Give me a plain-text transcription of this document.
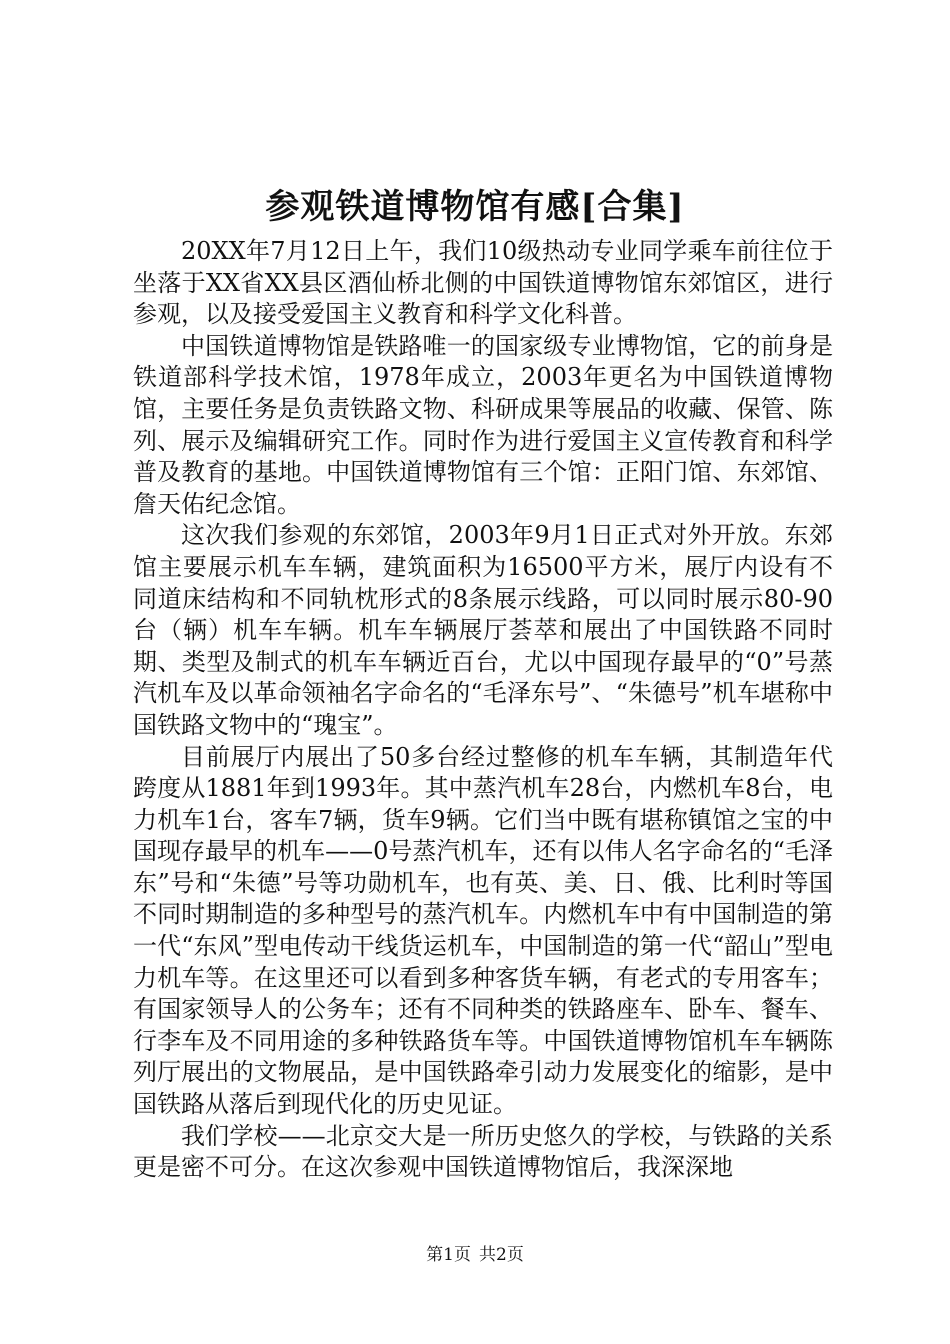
参观铁道博物馆有感[合集]

20XX年7月12日上午，我们10级热动专业同学乘车前往位于坐落于XX省XX县区酒仙桥北侧的中国铁道博物馆东郊馆区，进行参观，以及接受爱国主义教育和科学文化科普。

中国铁道博物馆是铁路唯一的国家级专业博物馆，它的前身是铁道部科学技术馆，1978年成立，2003年更名为中国铁道博物馆，主要任务是负责铁路文物、科研成果等展品的收藏、保管、陈列、展示及编辑研究工作。同时作为进行爱国主义宣传教育和科学普及教育的基地。中国铁道博物馆有三个馆：正阳门馆、东郊馆、詹天佑纪念馆。

这次我们参观的东郊馆，2003年9月1日正式对外开放。东郊馆主要展示机车车辆，建筑面积为16500平方米，展厅内设有不同道床结构和不同轨枕形式的8条展示线路，可以同时展示80-90台（辆）机车车辆。机车车辆展厅荟萃和展出了中国铁路不同时期、类型及制式的机车车辆近百台，尤以中国现存最早的“0”号蒸汽机车及以革命领袖名字命名的“毛泽东号”、“朱德号”机车堪称中国铁路文物中的“瑰宝”。

目前展厅内展出了50多台经过整修的机车车辆，其制造年代跨度从1881年到1993年。其中蒸汽机车28台，内燃机车8台，电力机车1台，客车7辆，货车9辆。它们当中既有堪称镇馆之宝的中国现存最早的机车——0号蒸汽机车，还有以伟人名字命名的“毛泽东”号和“朱德”号等功勋机车，也有英、美、日、俄、比利时等国不同时期制造的多种型号的蒸汽机车。内燃机车中有中国制造的第一代“东风”型电传动干线货运机车，中国制造的第一代“韶山”型电力机车等。在这里还可以看到多种客货车辆，有老式的专用客车；有国家领导人的公务车；还有不同种类的铁路座车、卧车、餐车、行李车及不同用途的多种铁路货车等。中国铁道博物馆机车车辆陈列厅展出的文物展品，是中国铁路牵引动力发展变化的缩影，是中国铁路从落后到现代化的历史见证。

我们学校——北京交大是一所历史悠久的学校，与铁路的关系更是密不可分。在这次参观中国铁道博物馆后，我深深地

第1页 共2页
